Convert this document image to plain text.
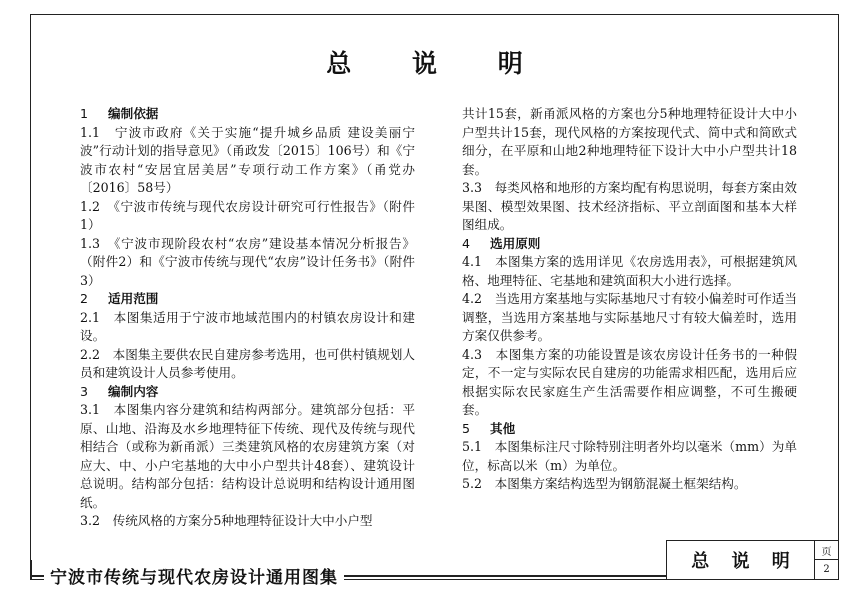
总 说 明

1 编制依据

1.1　宁波市政府《关于实施“提升城乡品质 建设美丽宁波”行动计划的指导意见》（甬政发〔2015〕106号）和《宁波市农村“安居宜居美居”专项行动工作方案》（甬党办〔2016〕58号）

1.2　《宁波市传统与现代农房设计研究可行性报告》（附件1）

1.3　《宁波市现阶段农村“农房”建设基本情况分析报告》（附件2）和《宁波市传统与现代“农房”设计任务书》（附件3）

2 适用范围

2.1　本图集适用于宁波市地域范围内的村镇农房设计和建设。

2.2　本图集主要供农民自建房参考选用，也可供村镇规划人员和建筑设计人员参考使用。

3 编制内容

3.1　本图集内容分建筑和结构两部分。建筑部分包括：平原、山地、沿海及水乡地理特征下传统、现代及传统与现代相结合（或称为新甬派）三类建筑风格的农房建筑方案（对应大、中、小户宅基地的大中小户型共计48套）、建筑设计总说明。结构部分包括：结构设计总说明和结构设计通用图纸。

3.2　传统风格的方案分5种地理特征设计大中小户型

共计15套，新甬派风格的方案也分5种地理特征设计大中小户型共计15套，现代风格的方案按现代式、简中式和简欧式细分，在平原和山地2种地理特征下设计大中小户型共计18套。

3.3　每类风格和地形的方案均配有构思说明，每套方案由效果图、模型效果图、技术经济指标、平立剖面图和基本大样图组成。

4 选用原则

4.1　本图集方案的选用详见《农房选用表》，可根据建筑风格、地理特征、宅基地和建筑面积大小进行选择。

4.2　当选用方案基地与实际基地尺寸有较小偏差时可作适当调整，当选用方案基地与实际基地尺寸有较大偏差时，选用方案仅供参考。

4.3　本图集方案的功能设置是该农房设计任务书的一种假定，不一定与实际农民自建房的功能需求相匹配，选用后应根据实际农民家庭生产生活需要作相应调整，不可生搬硬套。

5 其他

5.1　本图集标注尺寸除特别注明者外均以毫米（mm）为单位，标高以米（m）为单位。

5.2　本图集方案结构选型为钢筋混凝土框架结构。

宁波市传统与现代农房设计通用图集
总 说 明	页
2
